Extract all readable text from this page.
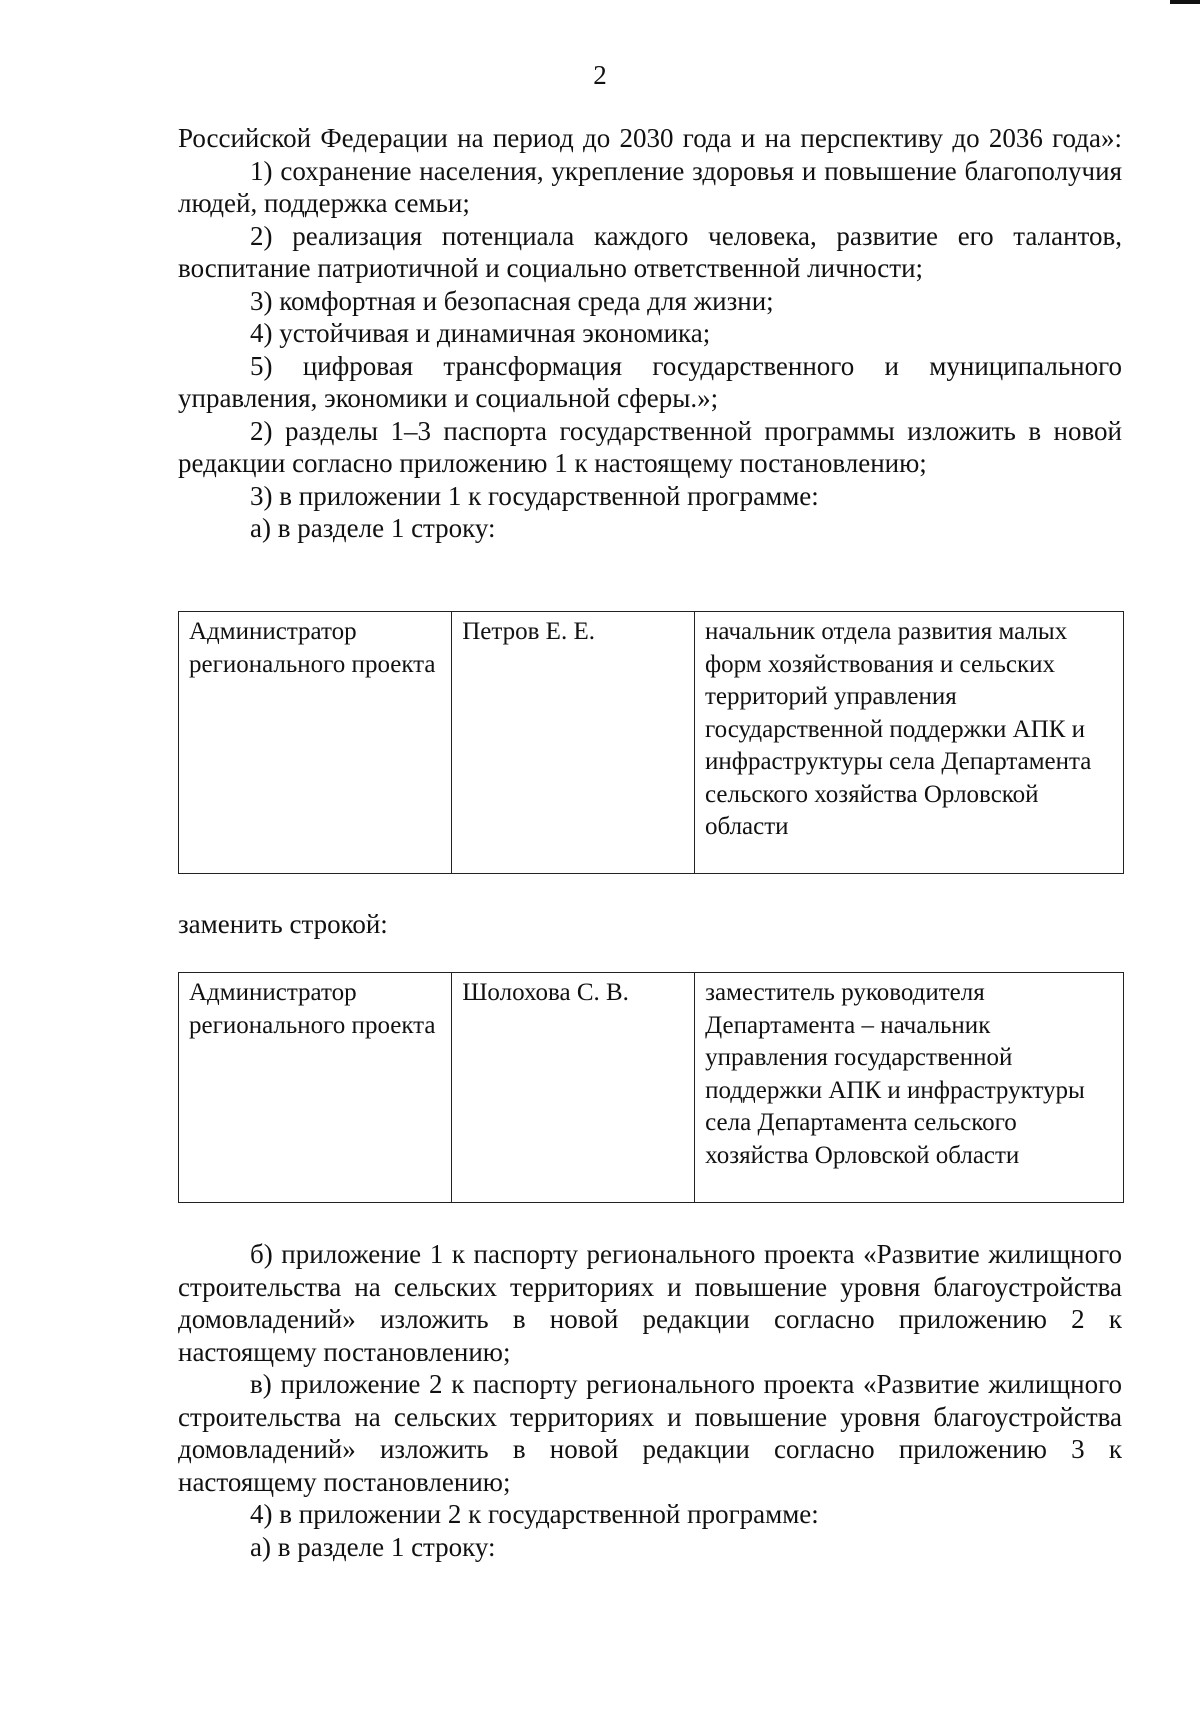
2

Российской Федерации на период до 2030 года и на перспективу до 2036 года»:

1) сохранение населения, укрепление здоровья и повышение благополучия людей, поддержка семьи;

2) реализация потенциала каждого человека, развитие его талантов, воспитание патриотичной и социально ответственной личности;

3) комфортная и безопасная среда для жизни;

4) устойчивая и динамичная экономика;

5) цифровая трансформация государственного и муниципального управления, экономики и социальной сферы.»;

2) разделы 1–3 паспорта государственной программы изложить в новой редакции согласно приложению 1 к настоящему постановлению;

3) в приложении 1 к государственной программе:

а) в разделе 1 строку:

Администратор регионального проекта	Петров Е. Е.	начальник отдела развития малых форм хозяйствования и сельских территорий управления государственной поддержки АПК и инфраструктуры села Департамента сельского хозяйства Орловской области
заменить строкой:
Администратор регионального проекта	Шолохова С. В.	заместитель руководителя Департамента – начальник управления государственной поддержки АПК и инфраструктуры села Департамента сельского хозяйства Орловской области

б) приложение 1 к паспорту регионального проекта «Развитие жилищного строительства на сельских территориях и повышение уровня благоустройства домовладений» изложить в новой редакции согласно приложению 2 к настоящему постановлению;

в) приложение 2 к паспорту регионального проекта «Развитие жилищного строительства на сельских территориях и повышение уровня благоустройства домовладений» изложить в новой редакции согласно приложению 3 к настоящему постановлению;

4) в приложении 2 к государственной программе:

а) в разделе 1 строку:
